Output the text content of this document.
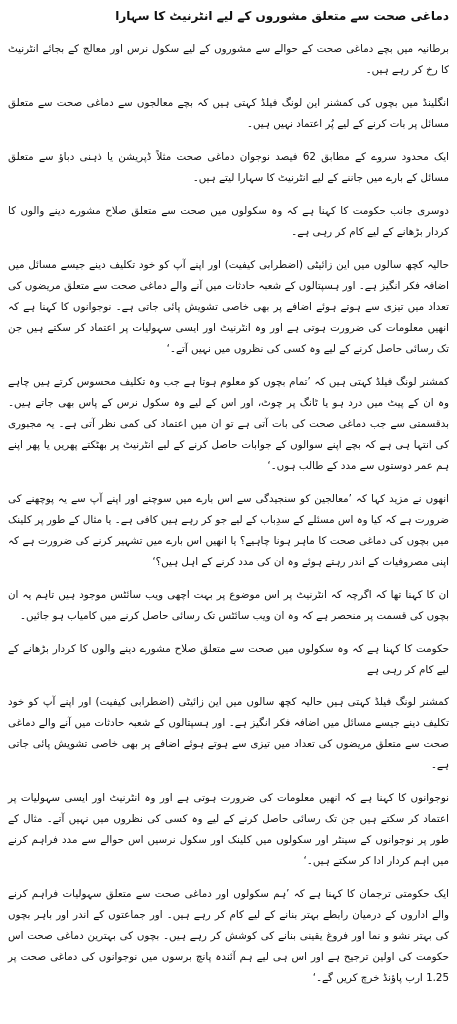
دماغی صحت سے متعلق مشوروں کے لیے انٹرنیٹ کا سہارا

برطانیہ میں بچے دماغی صحت کے حوالے سے مشوروں کے لیے سکول نرس اور معالج کے بجائے انٹرنیٹ کا رخ کر رہے ہیں۔

انگلینڈ میں بچوں کی کمشنر این لونگ فیلڈ کہتی ہیں کہ بچے معالجوں سے دماغی صحت سے متعلق مسائل پر بات کرنے کے لیے پُر اعتماد نہیں ہیں۔

ایک محدود سروے کے مطابق 62 فیصد نوجوان دماغی صحت مثلاً ڈپریشن یا ذہنی دباؤ سے متعلق مسائل کے بارے میں جاننے کے لیے انٹرنیٹ کا سہارا لیتے ہیں۔

دوسری جانب حکومت کا کہنا ہے کہ وہ سکولوں میں صحت سے متعلق صلاح مشورے دینے والوں کا کردار بڑھانے کے لیے کام کر رہی ہے۔

حالیہ کچھ سالوں میں این زائیٹی (اضطرابی کیفیت) اور اپنے آپ کو خود تکلیف دینے جیسے مسائل میں اضافہ فکر انگیز ہے۔ اور ہسپتالوں کے شعبہ حادثات میں آنے والے دماغی صحت سے متعلق مریضوں کی تعداد میں تیزی سے ہوتے ہوئے اضافے پر بھی خاصی تشویش پائی جاتی ہے۔ نوجوانوں کا کہنا ہے کہ انھیں معلومات کی ضرورت ہوتی ہے اور وہ انٹرنیٹ اور ایسی سہولیات پر اعتماد کر سکتے ہیں جن تک رسائی حاصل کرنے کے لیے وہ کسی کی نظروں میں نہیں آتے۔‘

کمشنر لونگ فیلڈ کہتی ہیں کہ ’تمام بچوں کو معلوم ہوتا ہے جب وہ تکلیف محسوس کرتے ہیں چاہے وہ ان کے پیٹ میں درد ہو یا ٹانگ پر چوٹ، اور اس کے لیے وہ سکول نرس کے پاس بھی جاتے ہیں۔ بدقسمتی سے جب دماغی صحت کی بات آتی ہے تو ان میں اعتماد کی کمی نظر آتی ہے۔ یہ مجبوری کی انتہا ہی ہے کہ بچے اپنے سوالوں کے جوابات حاصل کرنے کے لیے انٹرنیٹ پر بھٹکتے پھریں یا پھر اپنے ہم عمر دوستوں سے مدد کے طالب ہوں۔‘

انھوں نے مزید کہا کہ ’معالجین کو سنجیدگی سے اس بارے میں سوچنے اور اپنے آپ سے یہ پوچھنے کی ضرورت ہے کہ کیا وہ اس مسئلے کے سدِباب کے لیے جو کر رہے ہیں کافی ہے۔ یا مثال کے طور پر کلینک میں بچوں کی دماغی صحت کا ماہر ہونا چاہیے؟ یا انھیں اس بارے میں تشہیر کرنے کی ضرورت ہے کہ اپنی مصروفیات کے اندر رہتے ہوئے وہ ان کی مدد کرنے کے اہل ہیں؟‘

ان کا کہنا تھا کہ اگرچہ کہ انٹرنیٹ پر اس موضوع پر بہت اچھی ویب سائٹس موجود ہیں تاہم یہ ان بچوں کی قسمت پر منحصر ہے کہ وہ ان ویب سائٹس تک رسائی حاصل کرنے میں کامیاب ہو جائیں۔

حکومت کا کہنا ہے کہ وہ سکولوں میں صحت سے متعلق صلاح مشورے دینے والوں کا کردار بڑھانے کے لیے کام کر رہی ہے

کمشنر لونگ فیلڈ کہتی ہیں حالیہ کچھ سالوں میں این زائیٹی (اضطرابی کیفیت) اور اپنے آپ کو خود تکلیف دینے جیسے مسائل میں اضافہ فکر انگیز ہے۔ اور ہسپتالوں کے شعبہ حادثات میں آنے والے دماغی صحت سے متعلق مریضوں کی تعداد میں تیزی سے ہوتے ہوئے اضافے پر بھی خاصی تشویش پائی جاتی ہے۔

نوجوانوں کا کہنا ہے کہ انھیں معلومات کی ضرورت ہوتی ہے اور وہ انٹرنیٹ اور ایسی سہولیات پر اعتماد کر سکتے ہیں جن تک رسائی حاصل کرنے کے لیے وہ کسی کی نظروں میں نہیں آتے۔ مثال کے طور پر نوجوانوں کے سینٹر اور سکولوں میں کلینک اور سکول نرسیں اس حوالے سے مدد فراہم کرنے میں اہم کردار ادا کر سکتے ہیں۔‘

ایک حکومتی ترجمان کا کہنا ہے کہ ’ہم سکولوں اور دماغی صحت سے متعلق سہولیات فراہم کرنے والے اداروں کے درمیان رابطے بہتر بنانے کے لیے کام کر رہے ہیں۔ اور جماعتوں کے اندر اور باہر بچوں کی بہتر نشو و نما اور فروغ یقینی بنانے کی کوشش کر رہے ہیں۔ بچوں کی بہترین دماغی صحت اس حکومت کی اولین ترجیح ہے اور اس ہی لیے ہم آئندہ پانچ برسوں میں نوجوانوں کی دماغی صحت پر 1.25 ارب پاؤنڈ خرچ کریں گے۔‘
